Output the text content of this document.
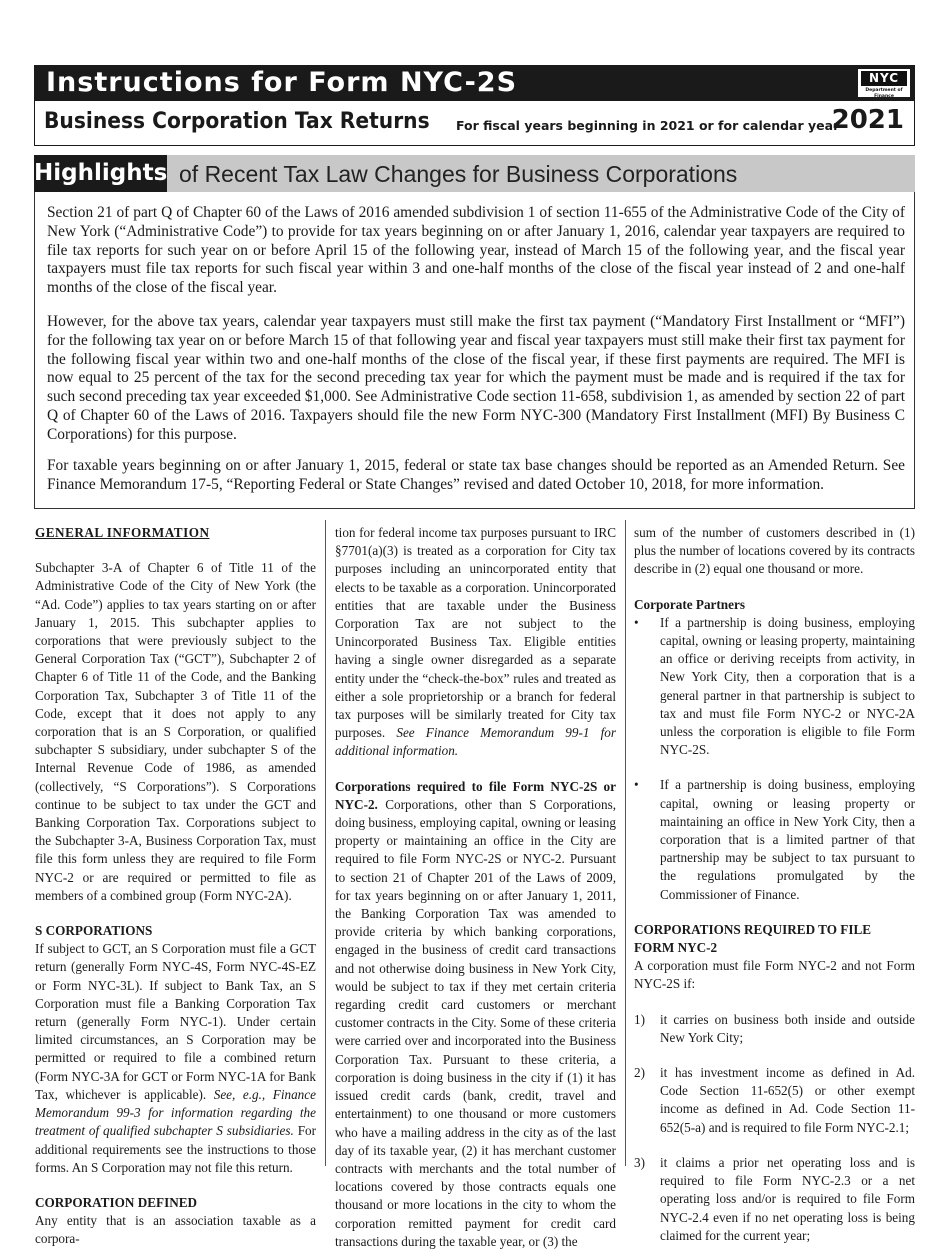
Instructions for Form NYC-2S	NYC
Department of Finance
Business Corporation Tax Returns For fiscal years beginning in 2021 or for calendar year
2021
Highlights of Recent Tax Law Changes for Business Corporations

Section 21 of part Q of Chapter 60 of the Laws of 2016 amended subdivision 1 of section 11-655 of the Administrative Code of the City of New York (“Administrative Code”) to provide for tax years beginning on or after January 1, 2016, calendar year taxpayers are required to file tax reports for such year on or before April 15 of the following year, instead of March 15 of the following year, and the fiscal year taxpayers must file tax reports for such fiscal year within 3 and one-half months of the close of the fiscal year instead of 2 and one-half months of the close of the fiscal year.

However, for the above tax years, calendar year taxpayers must still make the first tax payment (“Mandatory First Installment or “MFI”) for the following tax year on or before March 15 of that following year and fiscal year taxpayers must still make their first tax payment for the following fiscal year within two and one-half months of the close of the fiscal year, if these first payments are required. The MFI is now equal to 25 percent of the tax for the second preceding tax year for which the payment must be made and is required if the tax for such second preceding tax year exceeded $1,000. See Administrative Code section 11-658, subdivision 1, as amended by section 22 of part Q of Chapter 60 of the Laws of 2016. Taxpayers should file the new Form NYC-300 (Mandatory First Installment (MFI) By Business C Corporations) for this purpose.

For taxable years beginning on or after January 1, 2015, federal or state tax base changes should be reported as an Amended Return. See Finance Memorandum 17-5, “Reporting Federal or State Changes” revised and dated October 10, 2018, for more information.

GENERAL INFORMATION

Subchapter 3-A of Chapter 6 of Title 11 of the Administrative Code of the City of New York (the “Ad. Code”) applies to tax years starting on or after January 1, 2015. This subchapter applies to corporations that were previously subject to the General Corporation Tax (“GCT”), Subchapter 2 of Chapter 6 of Title 11 of the Code, and the Banking Corporation Tax, Subchapter 3 of Title 11 of the Code, except that it does not apply to any corporation that is an S Corporation, or qualified subchapter S subsidiary, under subchapter S of the Internal Revenue Code of 1986, as amended (collectively, “S Corporations”). S Corporations continue to be subject to tax under the GCT and Banking Corporation Tax. Corporations subject to the Subchapter 3-A, Business Corporation Tax, must file this form unless they are required to file Form NYC-2 or are required or permitted to file as members of a combined group (Form NYC-2A).

S CORPORATIONS

If subject to GCT, an S Corporation must file a GCT return (generally Form NYC-4S, Form NYC-4S-EZ or Form NYC-3L). If subject to Bank Tax, an S Corporation must file a Banking Corporation Tax return (generally Form NYC-1). Under certain limited circumstances, an S Corporation may be permitted or required to file a combined return (Form NYC-3A for GCT or Form NYC-1A for Bank Tax, whichever is applicable). See, e.g., Finance Memorandum 99-3 for information regarding the treatment of qualified subchapter S subsidiaries. For additional requirements see the instructions to those forms. An S Corporation may not file this return.

CORPORATION DEFINED

Any entity that is an association taxable as a corpora-

tion for federal income tax purposes pursuant to IRC §7701(a)(3) is treated as a corporation for City tax purposes including an unincorporated entity that elects to be taxable as a corporation. Unincorporated entities that are taxable under the Business Corporation Tax are not subject to the Unincorporated Business Tax. Eligible entities having a single owner disregarded as a separate entity under the “check-the-box” rules and treated as either a sole proprietorship or a branch for federal tax purposes will be similarly treated for City tax purposes. See Finance Memorandum 99-1 for additional information.

Corporations required to file Form NYC-2S or NYC-2. Corporations, other than S Corporations, doing business, employing capital, owning or leasing property or maintaining an office in the City are required to file Form NYC-2S or NYC-2. Pursuant to section 21 of Chapter 201 of the Laws of 2009, for tax years beginning on or after January 1, 2011, the Banking Corporation Tax was amended to provide criteria by which banking corporations, engaged in the business of credit card transactions and not otherwise doing business in New York City, would be subject to tax if they met certain criteria regarding credit card customers or merchant customer contracts in the City. Some of these criteria were carried over and incorporated into the Business Corporation Tax. Pursuant to these criteria, a corporation is doing business in the city if (1) it has issued credit cards (bank, credit, travel and entertainment) to one thousand or more customers who have a mailing address in the city as of the last day of its taxable year, (2) it has merchant customer contracts with merchants and the total number of locations covered by those contracts equals one thousand or more locations in the city to whom the corporation remitted payment for credit card transactions during the taxable year, or (3) the

sum of the number of customers described in (1) plus the number of locations covered by its contracts describe in (2) equal one thousand or more.

Corporate Partners

• If a partnership is doing business, employing capital, owning or leasing property, maintaining an office or deriving receipts from activity, in New York City, then a corporation that is a general partner in that partnership is subject to tax and must file Form NYC-2 or NYC-2A unless the corporation is eligible to file Form NYC-2S.
• If a partnership is doing business, employing capital, owning or leasing property or maintaining an office in New York City, then a corporation that is a limited partner of that partnership may be subject to tax pursuant to the regulations promulgated by the Commissioner of Finance.

CORPORATIONS REQUIRED TO FILE

FORM NYC-2

A corporation must file Form NYC-2 and not Form NYC-2S if:

1) it carries on business both inside and outside New York City;
2) it has investment income as defined in Ad. Code Section 11-652(5) or other exempt income as defined in Ad. Code Section 11-652(5-a) and is required to file Form NYC-2.1;
3) it claims a prior net operating loss and is required to file Form NYC-2.3 or a net operating loss and/or is required to file Form NYC-2.4 even if no net operating loss is being claimed for the current year;
